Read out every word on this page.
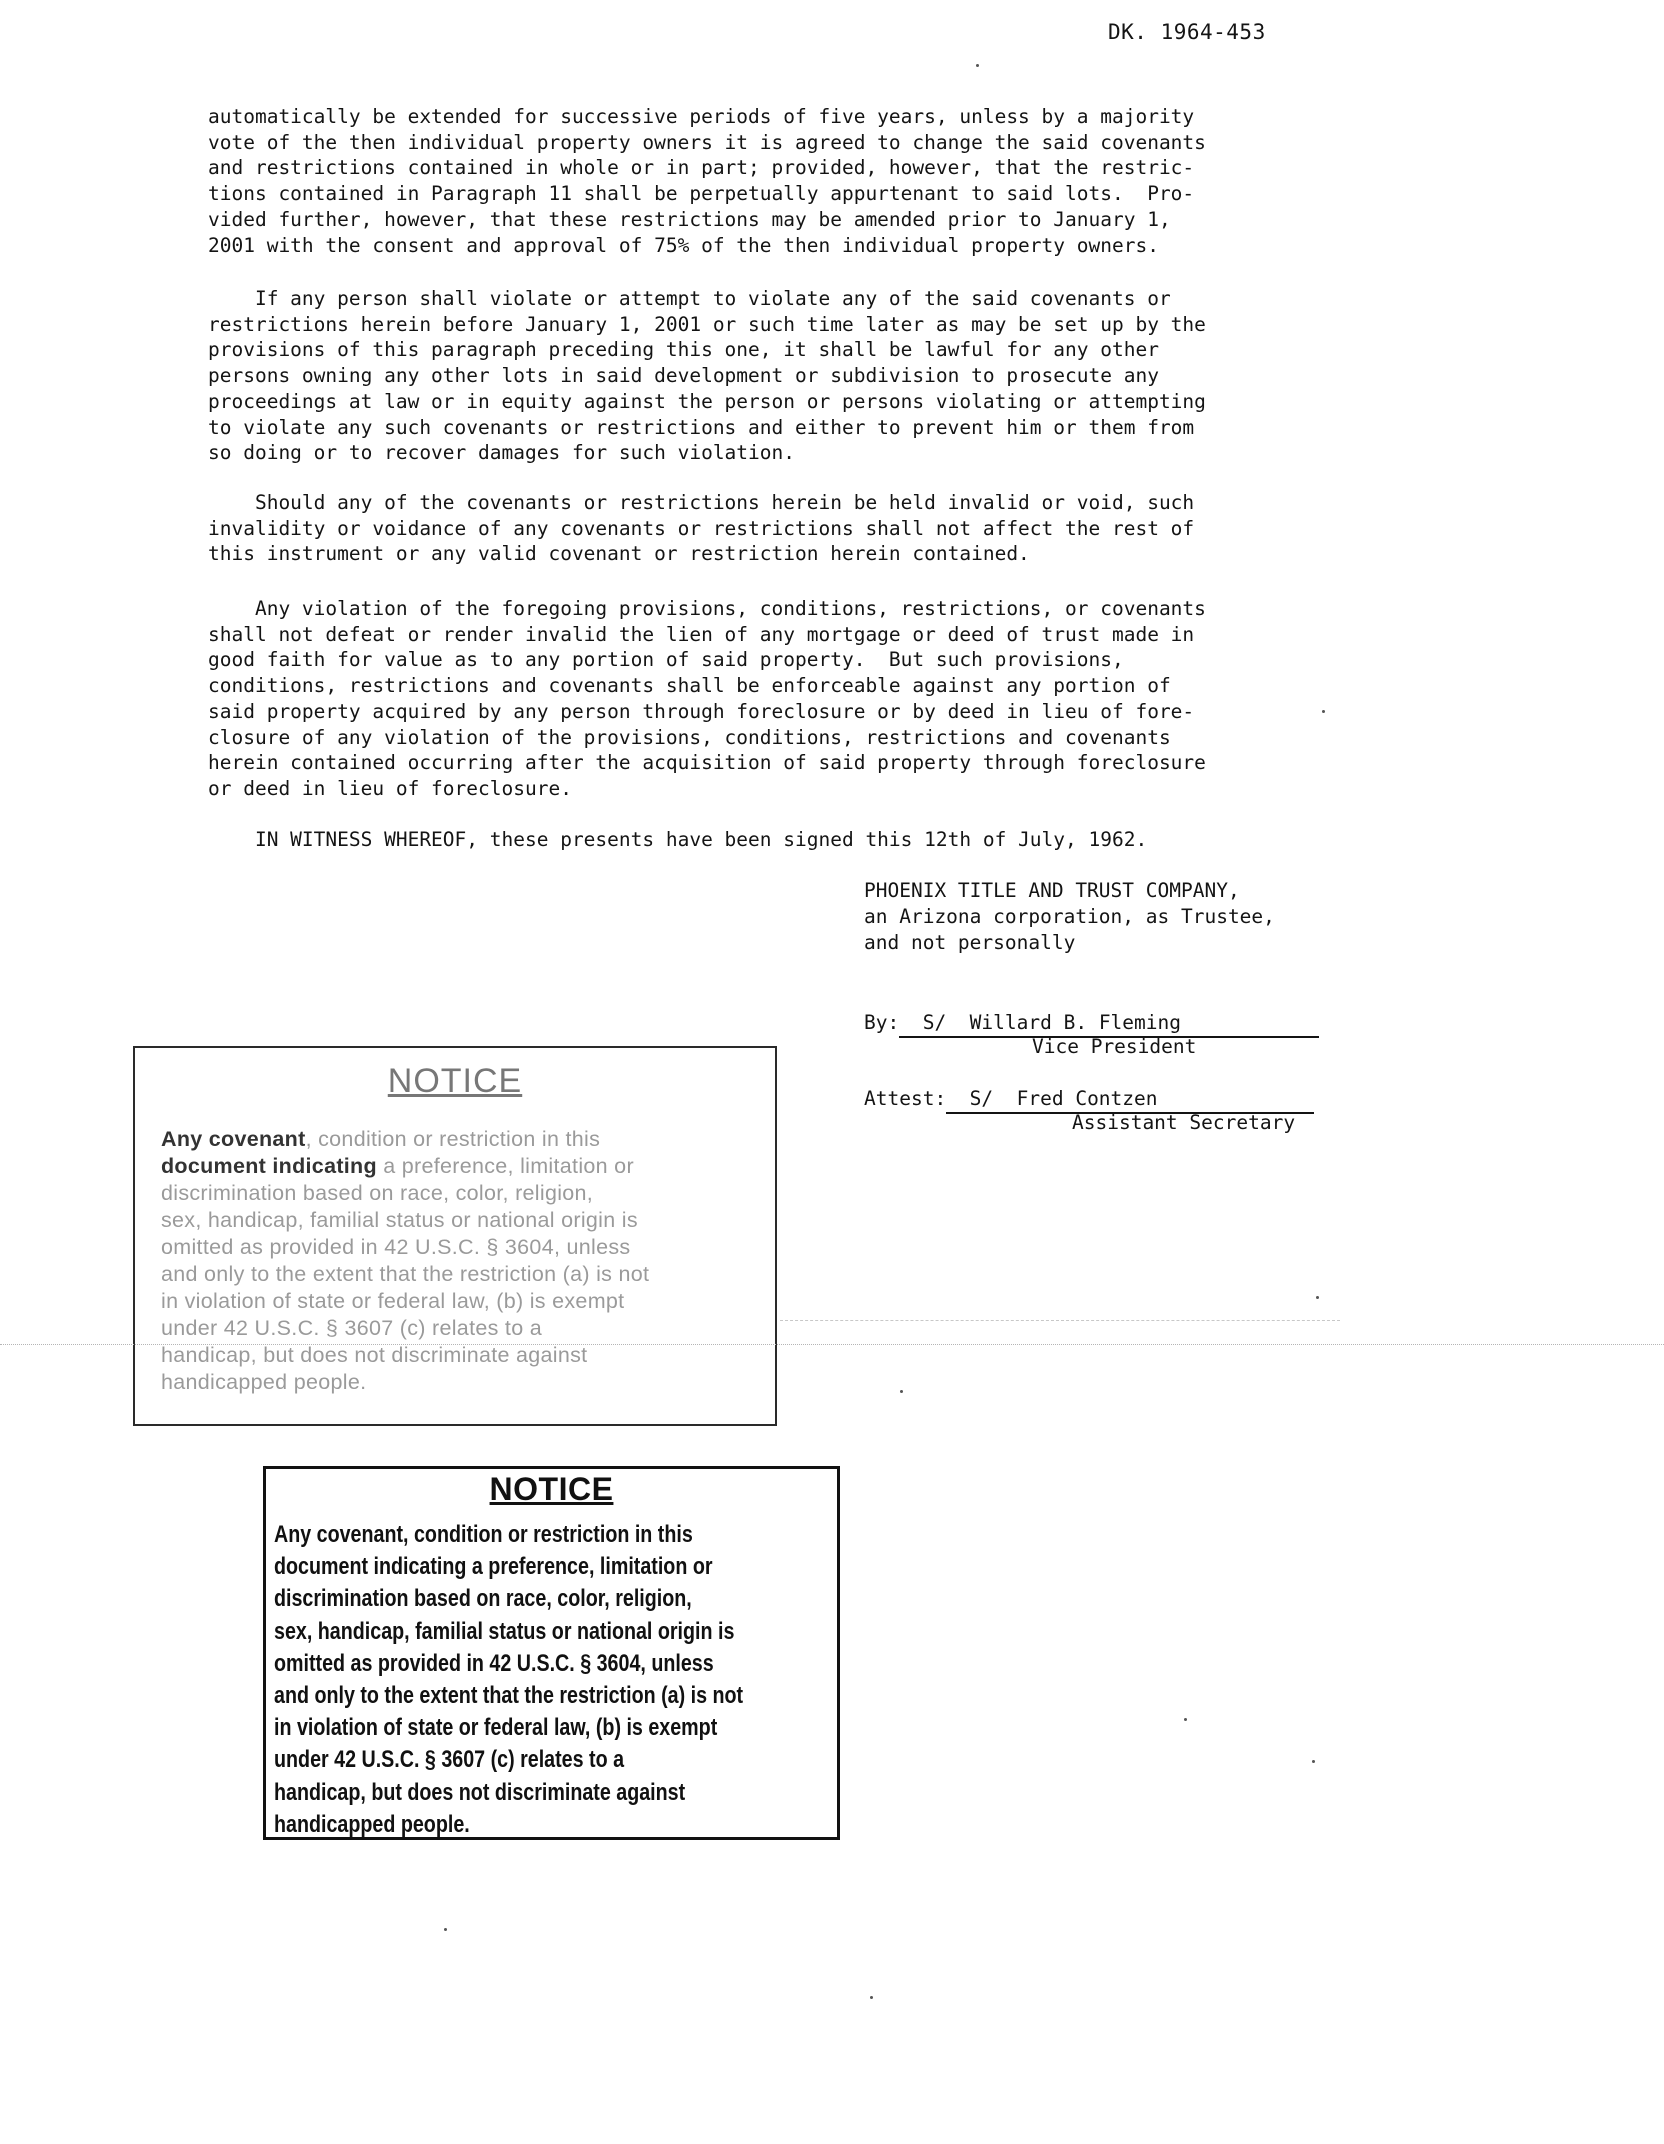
DK. 1964-453
automatically be extended for successive periods of five years, unless by a majority
vote of the then individual property owners it is agreed to change the said covenants
and restrictions contained in whole or in part; provided, however, that the restric-
tions contained in Paragraph 11 shall be perpetually appurtenant to said lots.  Pro-
vided further, however, that these restrictions may be amended prior to January 1,
2001 with the consent and approval of 75% of the then individual property owners.
If any person shall violate or attempt to violate any of the said covenants or
restrictions herein before January 1, 2001 or such time later as may be set up by the
provisions of this paragraph preceding this one, it shall be lawful for any other
persons owning any other lots in said development or subdivision to prosecute any
proceedings at law or in equity against the person or persons violating or attempting
to violate any such covenants or restrictions and either to prevent him or them from
so doing or to recover damages for such violation.
Should any of the covenants or restrictions herein be held invalid or void, such
invalidity or voidance of any covenants or restrictions shall not affect the rest of
this instrument or any valid covenant or restriction herein contained.
Any violation of the foregoing provisions, conditions, restrictions, or covenants
shall not defeat or render invalid the lien of any mortgage or deed of trust made in
good faith for value as to any portion of said property.  But such provisions,
conditions, restrictions and covenants shall be enforceable against any portion of
said property acquired by any person through foreclosure or by deed in lieu of fore-
closure of any violation of the provisions, conditions, restrictions and covenants
herein contained occurring after the acquisition of said property through foreclosure
or deed in lieu of foreclosure.
IN WITNESS WHEREOF, these presents have been signed this 12th of July, 1962.
PHOENIX TITLE AND TRUST COMPANY,
an Arizona corporation, as Trustee,
and not personally
By:  S/  Willard B. Fleming
Vice President
Attest:  S/  Fred Contzen
Assistant Secretary
NOTICE
Any covenant, condition or restriction in this
document indicating a preference, limitation or
discrimination based on race, color, religion,
sex, handicap, familial status or national origin is
omitted as provided in 42 U.S.C. § 3604, unless
and only to the extent that the restriction (a) is not
in violation of state or federal law, (b) is exempt
under 42 U.S.C. § 3607 (c) relates to a
handicap, but does not discriminate against
handicapped people.
NOTICE
Any covenant, condition or restriction in this
document indicating a preference, limitation or
discrimination based on race, color, religion,
sex, handicap, familial status or national origin is
omitted as provided in 42 U.S.C. § 3604, unless
and only to the extent that the restriction (a) is not
in violation of state or federal law, (b) is exempt
under 42 U.S.C. § 3607 (c) relates to a
handicap, but does not discriminate against
handicapped people.
